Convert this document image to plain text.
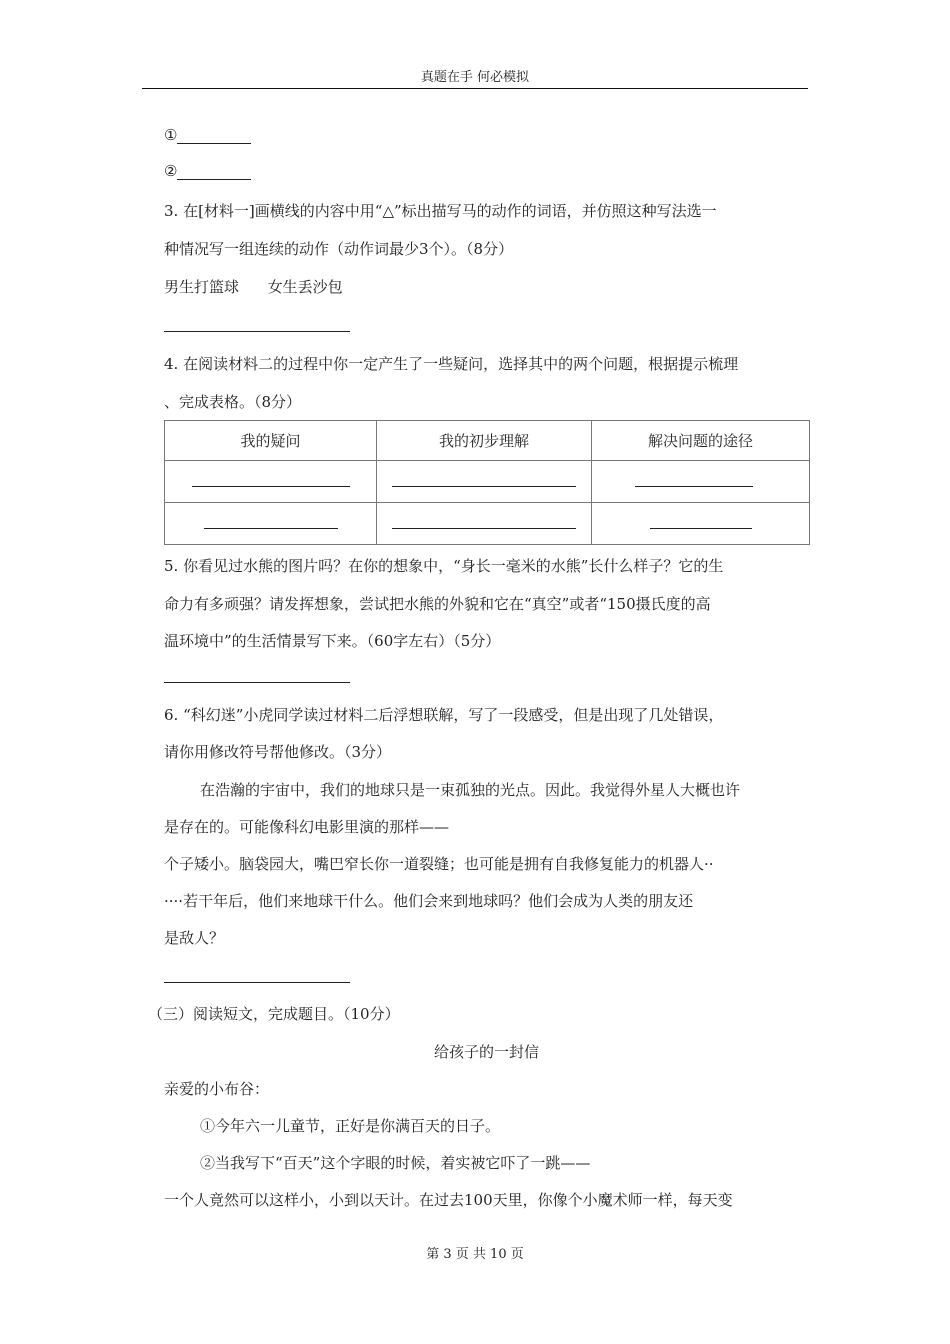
真题在手 何必模拟
①
②
3. 在[材料一]画横线的内容中用“△”标出描写马的动作的词语，并仿照这种写法选一
种情况写一组连续的动作（动作词最少3个）。（8分）
男生打篮球      女生丢沙包
4. 在阅读材料二的过程中你一定产生了一些疑问，选择其中的两个问题，根据提示梳理
、完成表格。（8分）
我的疑问	我的初步理解	解决问题的途径

5. 你看见过水熊的图片吗？在你的想象中，“身长一毫米的水熊”长什么样子？它的生
命力有多顽强？请发挥想象，尝试把水熊的外貌和它在“真空”或者“150摄氏度的高
温环境中”的生活情景写下来。（60字左右）（5分）
6. “科幻迷”小虎同学读过材料二后浮想联解，写了一段感受，但是出现了几处错误，
请你用修改符号帮他修改。（3分）
在浩瀚的宇宙中，我们的地球只是一束孤独的光点。因此。我觉得外星人大概也许
是存在的。可能像科幻电影里演的那样——
个子矮小。脑袋园大，嘴巴窄长你一道裂缝；也可能是拥有自我修复能力的机器人··
····若干年后，他们来地球干什么。他们会来到地球吗？他们会成为人类的朋友还
是敌人？
（三）阅读短文，完成题目。（10分）
给孩子的一封信
亲爱的小布谷：
①今年六一儿童节，正好是你满百天的日子。
②当我写下“百天”这个字眼的时候，着实被它吓了一跳——
一个人竟然可以这样小，小到以天计。在过去100天里，你像个小魔术师一样，每天变
第 3 页 共 10 页
